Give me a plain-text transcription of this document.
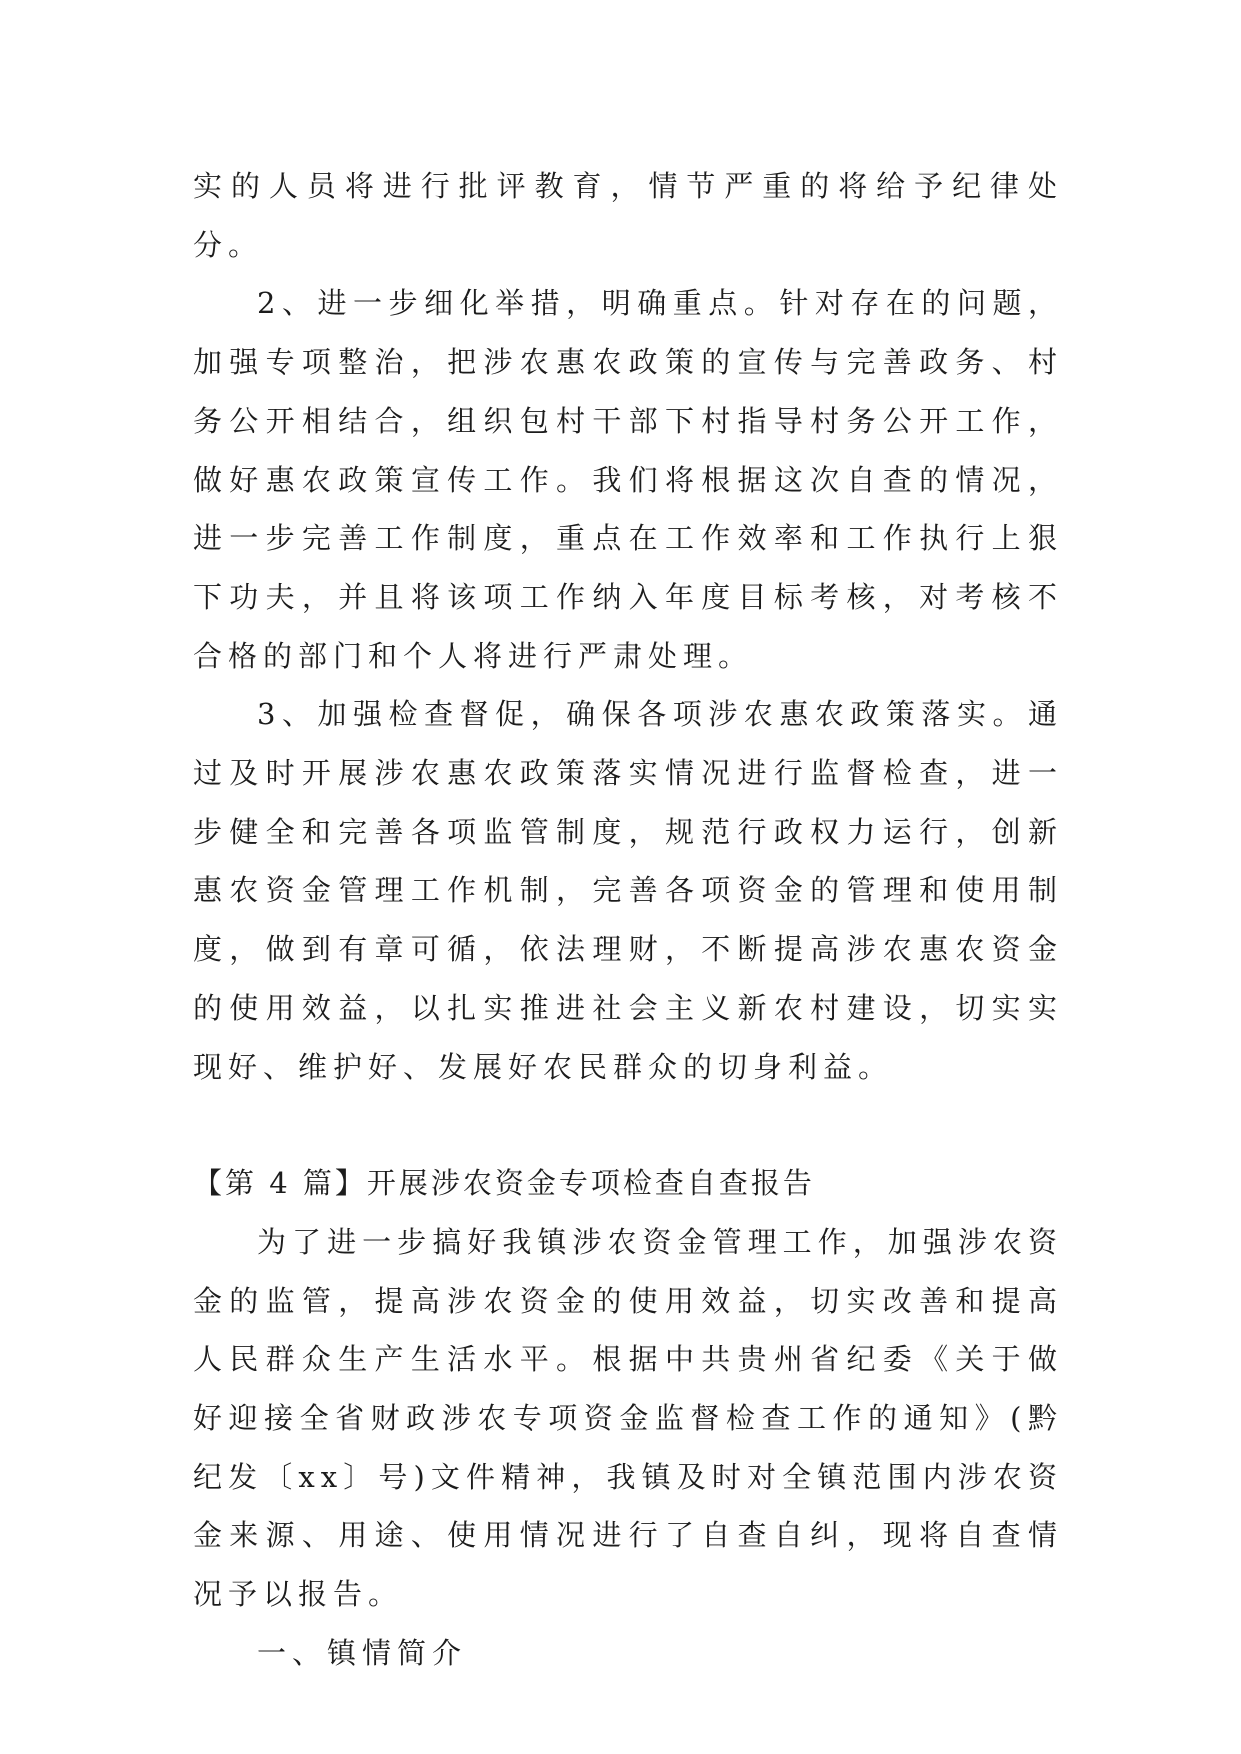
实的人员将进行批评教育，情节严重的将给予纪律处分。

2、进一步细化举措，明确重点。针对存在的问题，加强专项整治，把涉农惠农政策的宣传与完善政务、村务公开相结合，组织包村干部下村指导村务公开工作，做好惠农政策宣传工作。我们将根据这次自查的情况，进一步完善工作制度，重点在工作效率和工作执行上狠下功夫，并且将该项工作纳入年度目标考核，对考核不合格的部门和个人将进行严肃处理。

3、加强检查督促，确保各项涉农惠农政策落实。通过及时开展涉农惠农政策落实情况进行监督检查，进一步健全和完善各项监管制度，规范行政权力运行，创新惠农资金管理工作机制，完善各项资金的管理和使用制度，做到有章可循，依法理财，不断提高涉农惠农资金的使用效益，以扎实推进社会主义新农村建设，切实实现好、维护好、发展好农民群众的切身利益。

【第 4 篇】开展涉农资金专项检查自查报告

为了进一步搞好我镇涉农资金管理工作，加强涉农资金的监管，提高涉农资金的使用效益，切实改善和提高人民群众生产生活水平。根据中共贵州省纪委《关于做好迎接全省财政涉农专项资金监督检查工作的通知》(黔纪发〔xx〕号)文件精神，我镇及时对全镇范围内涉农资金来源、用途、使用情况进行了自查自纠，现将自查情况予以报告。

一、镇情简介
